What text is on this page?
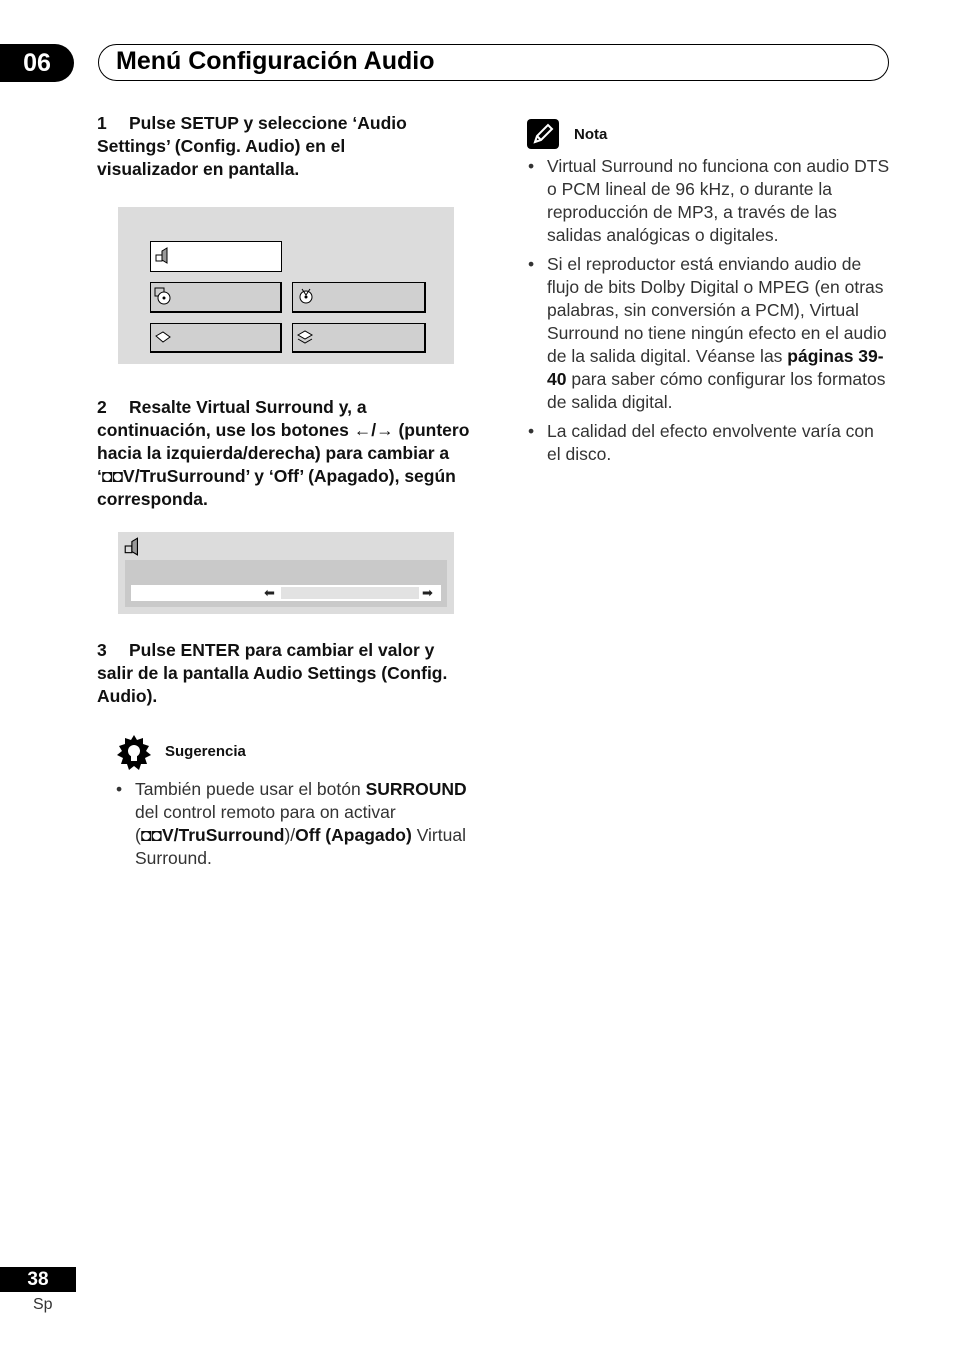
06	Menú Configuración Audio
1 Pulse SETUP y seleccione ‘Audio Settings’ (Config. Audio) en el visualizador en pantalla.
2 Resalte Virtual Surround y, a continuación, use los botones ←/→ (puntero hacia la izquierda/derecha) para cambiar a ‘◘◘V/TruSurround’ y ‘Off’ (Apagado), según corresponda.
⬅	➡
3 Pulse ENTER para cambiar el valor y salir de la pantalla Audio Settings (Config. Audio).
Sugerencia
• También puede usar el botón SURROUND del control remoto para on activar (◘◘V/TruSurround)/Off (Apagado) Virtual Surround.
Nota
• Virtual Surround no funciona con audio DTS o PCM lineal de 96 kHz, o durante la reproducción de MP3, a través de las salidas analógicas o digitales.
• Si el reproductor está enviando audio de flujo de bits Dolby Digital o MPEG (en otras palabras, sin conversión a PCM), Virtual Surround no tiene ningún efecto en el audio de la salida digital. Véanse las páginas 39-40 para saber cómo configurar los formatos de salida digital.
• La calidad del efecto envolvente varía con el disco.
38
Sp
